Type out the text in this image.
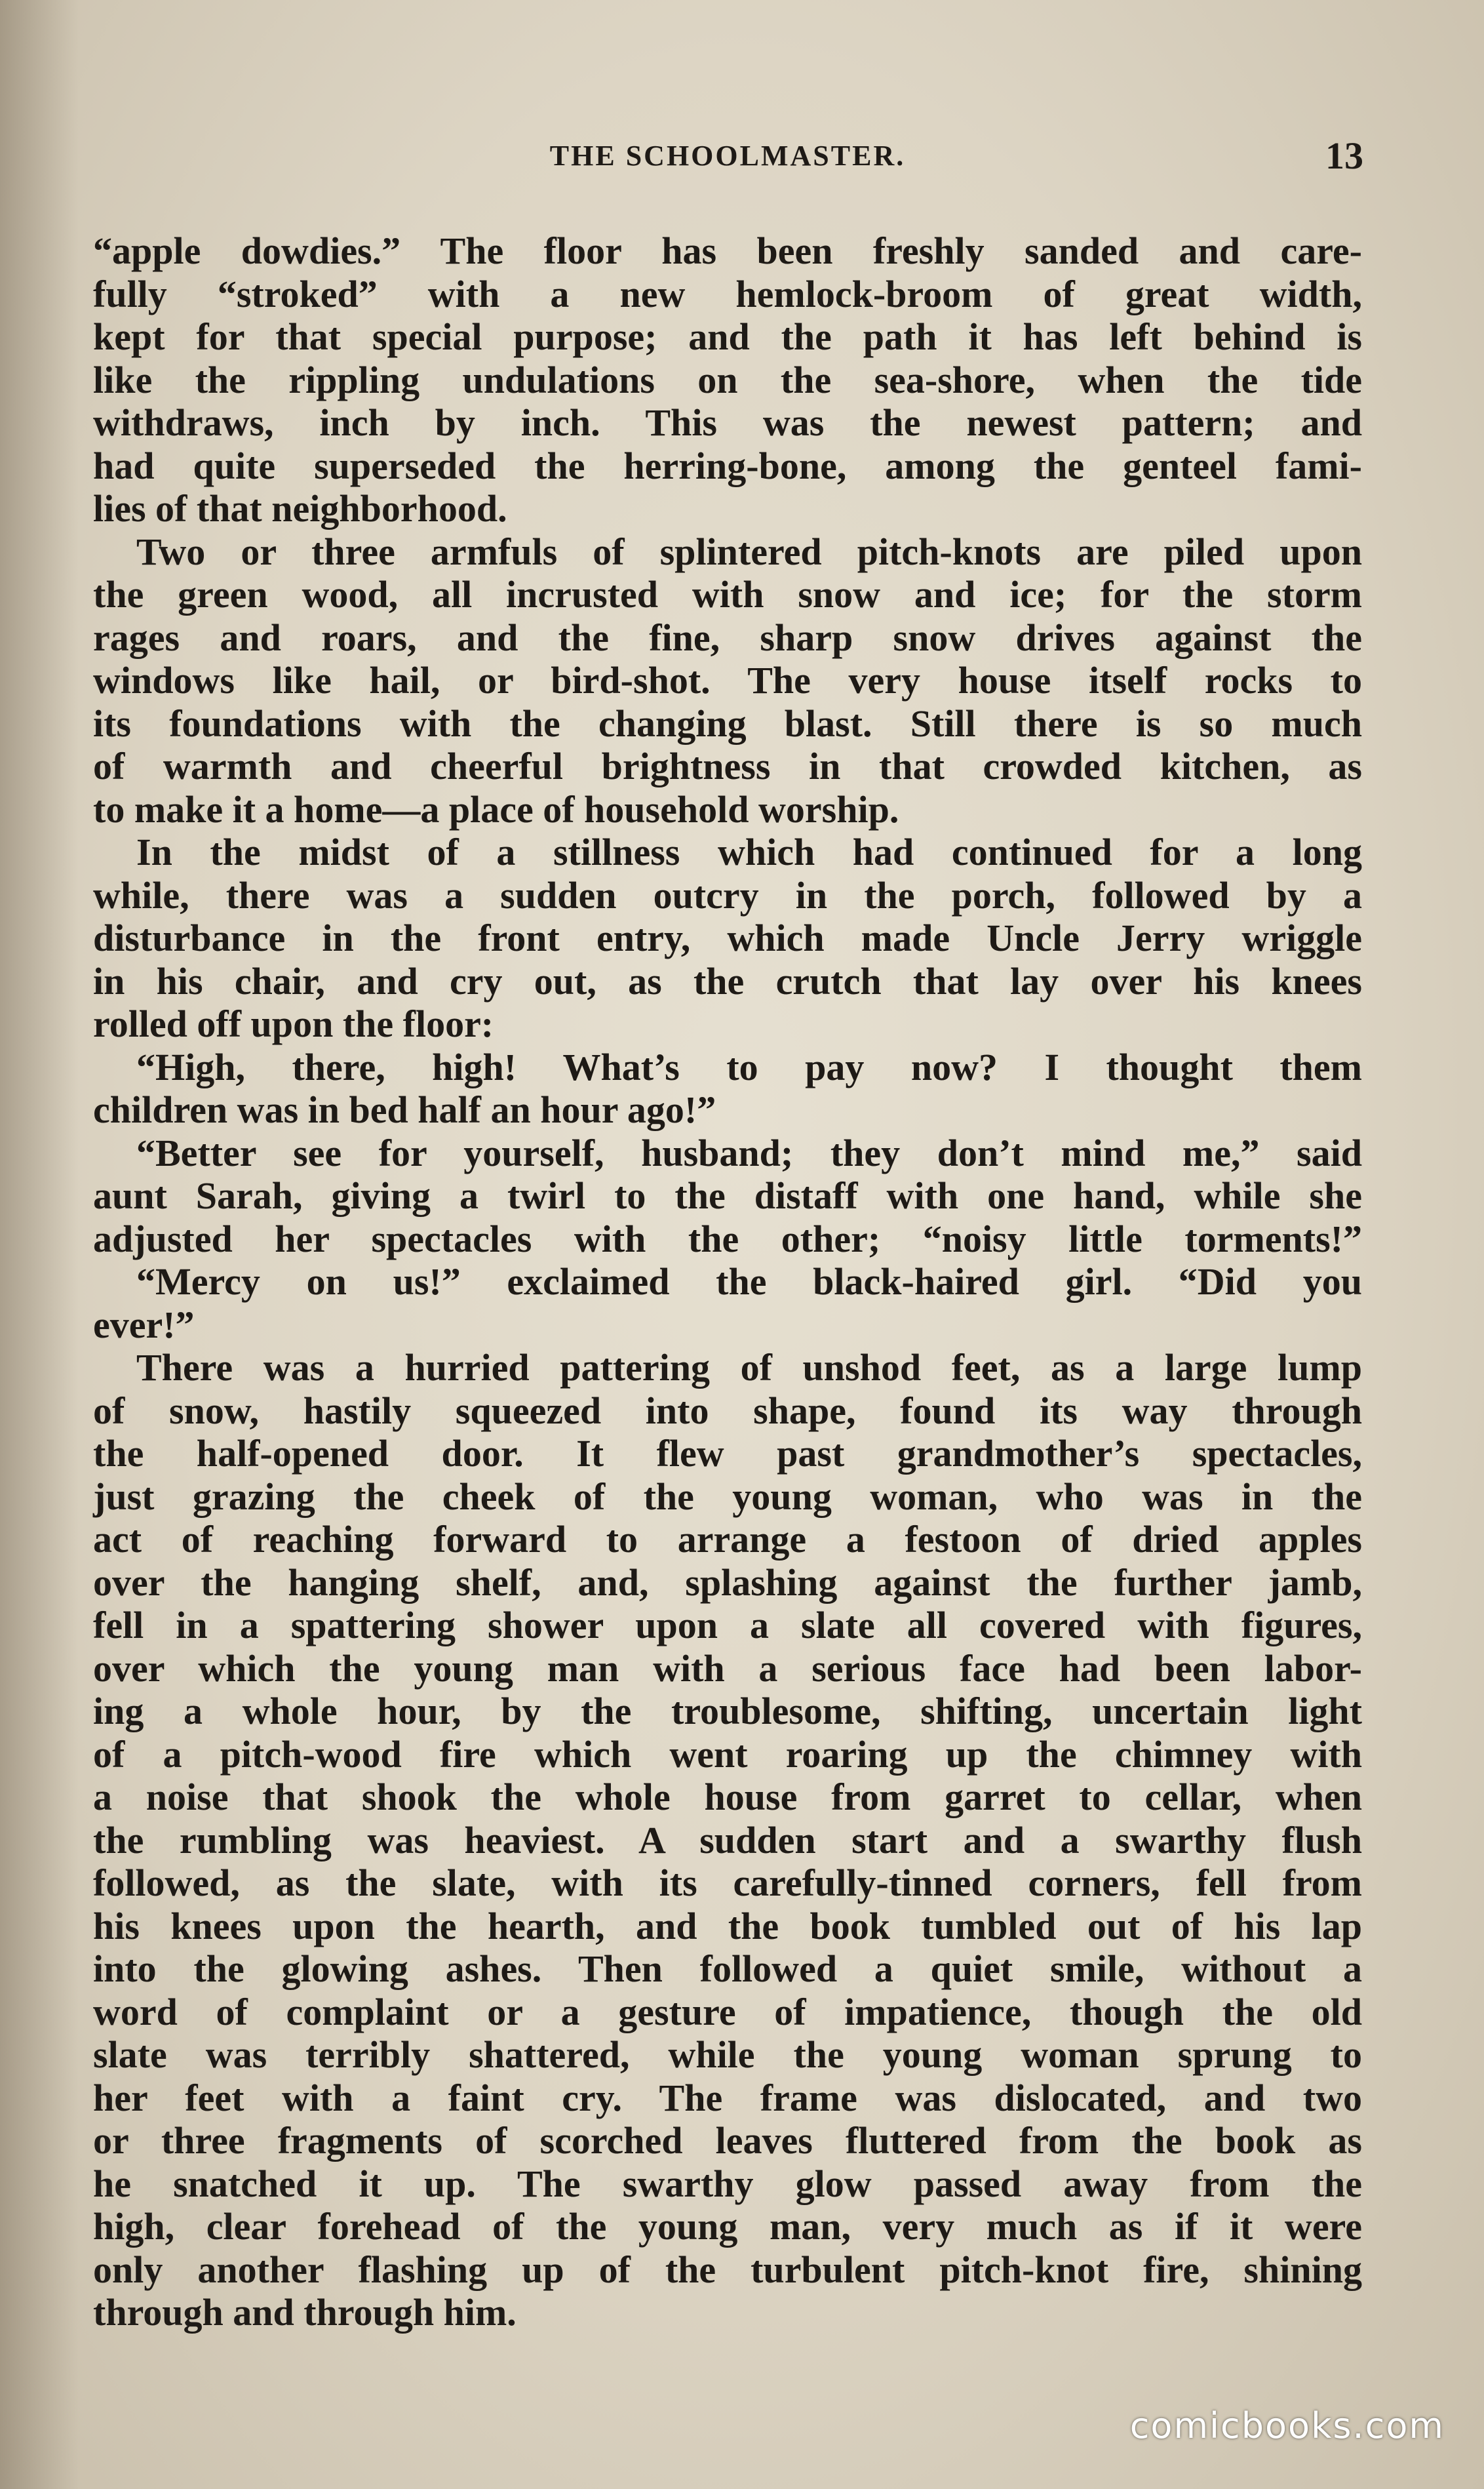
THE SCHOOLMASTER.	13
“apple dowdies.” The floor has been freshly sanded and care-
fully “stroked” with a new hemlock-broom of great width,
kept for that special purpose; and the path it has left behind is
like the rippling undulations on the sea-shore, when the tide
withdraws, inch by inch. This was the newest pattern; and
had quite superseded the herring-bone, among the genteel fami-
lies of that neighborhood.
Two or three armfuls of splintered pitch-knots are piled upon
the green wood, all incrusted with snow and ice; for the storm
rages and roars, and the fine, sharp snow drives against the
windows like hail, or bird-shot. The very house itself rocks to
its foundations with the changing blast. Still there is so much
of warmth and cheerful brightness in that crowded kitchen, as
to make it a home—a place of household worship.
In the midst of a stillness which had continued for a long
while, there was a sudden outcry in the porch, followed by a
disturbance in the front entry, which made Uncle Jerry wriggle
in his chair, and cry out, as the crutch that lay over his knees
rolled off upon the floor:
“High, there, high! What’s to pay now? I thought them
children was in bed half an hour ago!”
“Better see for yourself, husband; they don’t mind me,” said
aunt Sarah, giving a twirl to the distaff with one hand, while she
adjusted her spectacles with the other; “noisy little torments!”
“Mercy on us!” exclaimed the black-haired girl. “Did you
ever!”
There was a hurried pattering of unshod feet, as a large lump
of snow, hastily squeezed into shape, found its way through
the half-opened door. It flew past grandmother’s spectacles,
just grazing the cheek of the young woman, who was in the
act of reaching forward to arrange a festoon of dried apples
over the hanging shelf, and, splashing against the further jamb,
fell in a spattering shower upon a slate all covered with figures,
over which the young man with a serious face had been labor-
ing a whole hour, by the troublesome, shifting, uncertain light
of a pitch-wood fire which went roaring up the chimney with
a noise that shook the whole house from garret to cellar, when
the rumbling was heaviest. A sudden start and a swarthy flush
followed, as the slate, with its carefully-tinned corners, fell from
his knees upon the hearth, and the book tumbled out of his lap
into the glowing ashes. Then followed a quiet smile, without a
word of complaint or a gesture of impatience, though the old
slate was terribly shattered, while the young woman sprung to
her feet with a faint cry. The frame was dislocated, and two
or three fragments of scorched leaves fluttered from the book as
he snatched it up. The swarthy glow passed away from the
high, clear forehead of the young man, very much as if it were
only another flashing up of the turbulent pitch-knot fire, shining
through and through him.
comicbooks.com
